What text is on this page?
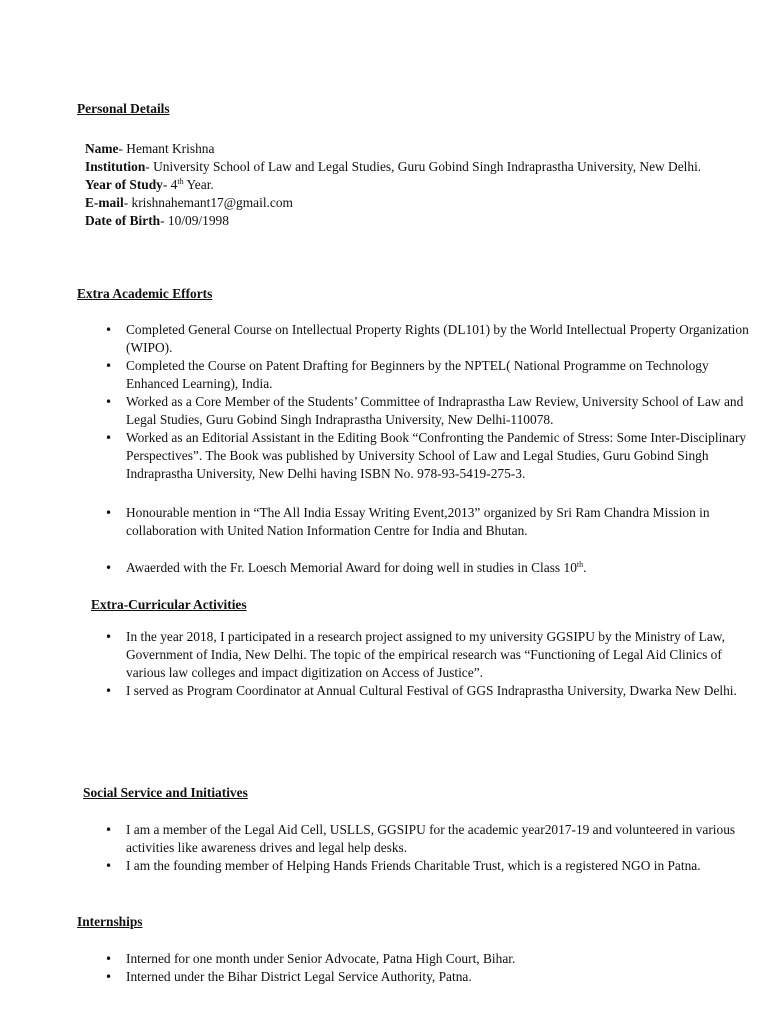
Personal Details
Name- Hemant Krishna
Institution- University School of Law and Legal Studies, Guru Gobind Singh Indraprastha University, New Delhi.
Year of Study- 4th Year.
E-mail- krishnahemant17@gmail.com
Date of Birth- 10/09/1998
Extra Academic Efforts
• Completed General Course on Intellectual Property Rights (DL101) by the World Intellectual Property Organization (WIPO).
• Completed the Course on Patent Drafting for Beginners by the NPTEL( National Programme on Technology Enhanced Learning), India.
• Worked as a Core Member of the Students’ Committee of Indraprastha Law Review, University School of Law and Legal Studies, Guru Gobind Singh Indraprastha University, New Delhi-110078.
• Worked as an Editorial Assistant in the Editing Book “Confronting the Pandemic of Stress: Some Inter-Disciplinary Perspectives”. The Book was published by University School of Law and Legal Studies, Guru Gobind Singh Indraprastha University, New Delhi having ISBN No. 978-93-5419-275-3.
• Honourable mention in “The All India Essay Writing Event,2013” organized by Sri Ram Chandra Mission in collaboration with United Nation Information Centre for India and Bhutan.
• Awaerded with the Fr. Loesch Memorial Award for doing well in studies in Class 10th.
Extra-Curricular Activities
• In the year 2018, I participated in a research project assigned to my university GGSIPU by the Ministry of Law, Government of India, New Delhi. The topic of the empirical research was “Functioning of Legal Aid Clinics of various law colleges and impact digitization on Access of Justice”.
• I served as Program Coordinator at Annual Cultural Festival of GGS Indraprastha University, Dwarka New Delhi.
Social Service and Initiatives
• I am a member of the Legal Aid Cell, USLLS, GGSIPU for the academic year2017-19 and volunteered in various activities like awareness drives and legal help desks.
• I am the founding member of Helping Hands Friends Charitable Trust, which is a registered NGO in Patna.
Internships
• Interned for one month under Senior Advocate, Patna High Court, Bihar.
• Interned under the Bihar District Legal Service Authority, Patna.
